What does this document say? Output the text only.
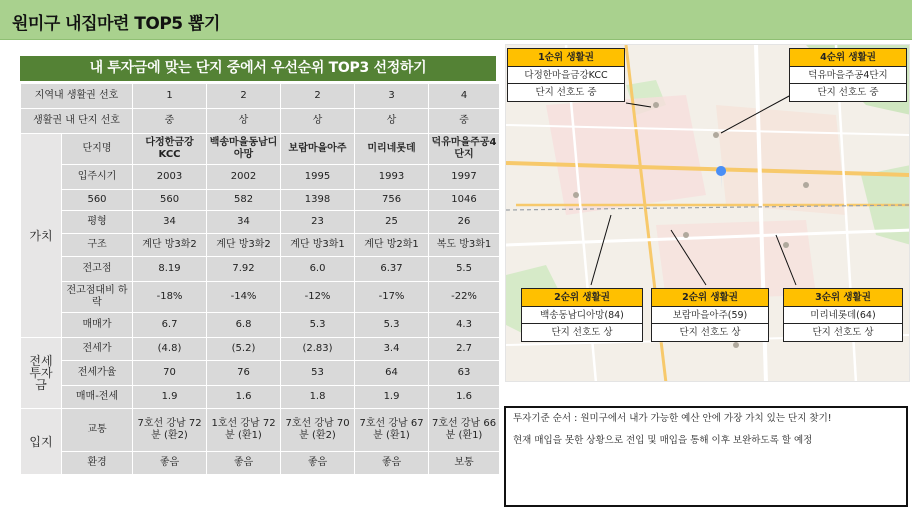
원미구 내집마련 TOP5 뽑기
내 투자금에 맞는 단지 중에서 우선순위 TOP3 선정하기
지역내 생활권 선호		1	2	2	3	4
생활권 내 단지 선호		중	상	상	상	중
가치	단지명	다정한금강KCC	백송마을동남디아망	보람마을아주	미리네롯데	덕유마을주공4단지
	입주시기	2003	2002	1995	1993	1997
	560	560	582	1398	756	1046
	평형	34	34	23	25	26
	구조	계단 방3화2	계단 방3화2	계단 방3화1	계단 방2화1	복도 방3화1
	전고점	8.19	7.92	6.0	6.37	5.5
	전고점대비 하락	-18%	-14%	-12%	-17%	-22%
	매매가	6.7	6.8	5.3	5.3	4.3
전세 투자 금	전세가	(4.8)	(5.2)	(2.83)	3.4	2.7
	전세가율	70	76	53	64	63
	매매-전세	1.9	1.6	1.8	1.9	1.6
입지	교통	7호선 강남 72분 (환2)	1호선 강남 72분 (환1)	7호선 강남 70분 (환2)	7호선 강남 67분 (환1)	7호선 강남 66분 (환1)
	환경	좋음	좋음	좋음	좋음	보통
1순위 생활권
다정한마을금강KCC
단지 선호도 중
4순위 생활권
덕유마을주공4단지
단지 선호도 중
2순위 생활권
백송동남디아망(84)
단지 선호도 상
2순위 생활권
보람마을아주(59)
단지 선호도 상
3순위 생활권
미리네롯데(64)
단지 선호도 상

투자기준 순서 : 원미구에서 내가 가능한 예산 안에 가장 가치 있는 단지 찾기!

현재 매입을 못한 상황으로 전입 및 매입을 통해 이후 보완하도록 할 예정
